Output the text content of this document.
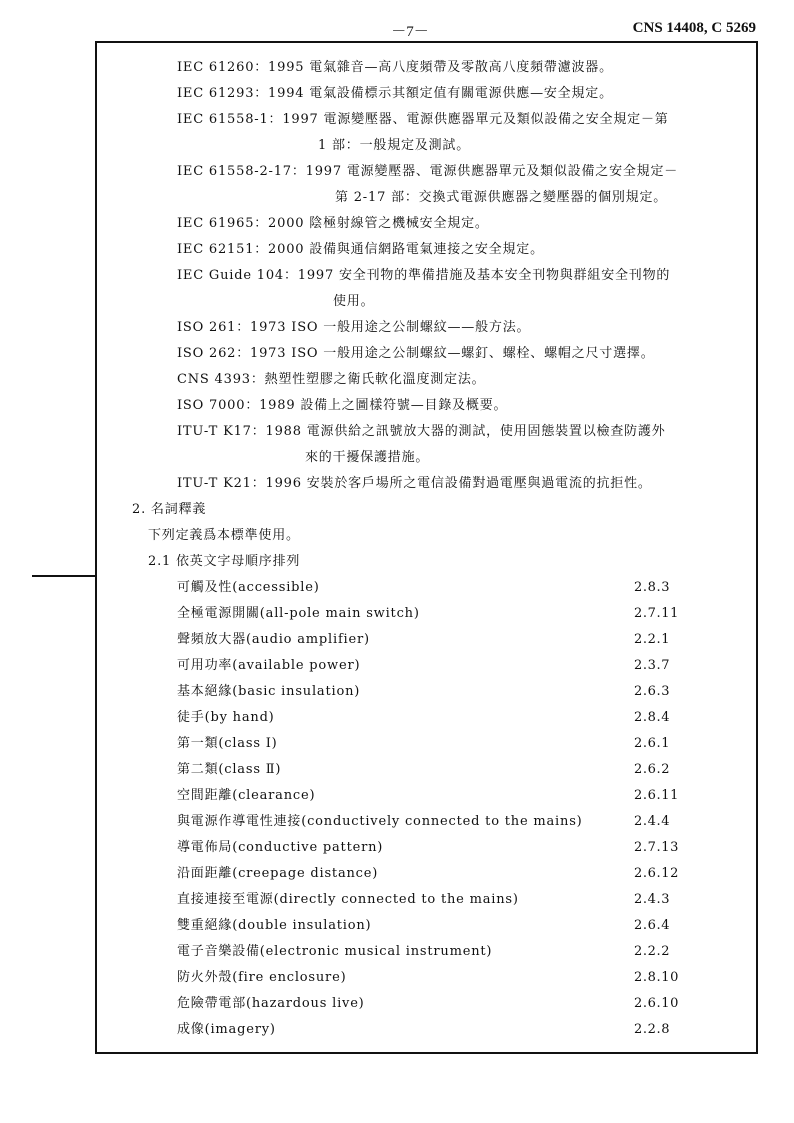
－7－	CNS 14408, C 5269
IEC 61260：1995 電氣雜音—高八度頻帶及零散高八度頻帶濾波器。
IEC 61293：1994 電氣設備標示其額定值有關電源供應—安全規定。
IEC 61558-1：1997 電源變壓器、電源供應器單元及類似設備之安全規定－第
1 部：一般規定及測試。
IEC 61558-2-17：1997 電源變壓器、電源供應器單元及類似設備之安全規定－
第 2-17 部：交換式電源供應器之變壓器的個別規定。
IEC 61965：2000 陰極射線管之機械安全規定。
IEC 62151：2000 設備與通信網路電氣連接之安全規定。
IEC Guide 104：1997 安全刊物的準備措施及基本安全刊物與群組安全刊物的
使用。
ISO 261：1973 ISO 一般用途之公制螺紋——般方法。
ISO 262：1973 ISO 一般用途之公制螺紋—螺釘、螺栓、螺帽之尺寸選擇。
CNS 4393：熱塑性塑膠之衛氏軟化溫度測定法。
ISO 7000：1989 設備上之圖樣符號—目錄及概要。
ITU-T K17：1988 電源供給之訊號放大器的測試，使用固態裝置以檢查防護外
來的干擾保護措施。
ITU-T K21：1996 安裝於客戶場所之電信設備對過電壓與過電流的抗拒性。
2. 名詞釋義
下列定義爲本標準使用。
2.1 依英文字母順序排列
可觸及性(accessible)	2.8.3
全極電源開關(all-pole main switch)	2.7.11
聲頻放大器(audio amplifier)	2.2.1
可用功率(available power)	2.3.7
基本絕緣(basic insulation)	2.6.3
徒手(by hand)	2.8.4
第一類(class Ⅰ)	2.6.1
第二類(class Ⅱ)	2.6.2
空間距離(clearance)	2.6.11
與電源作導電性連接(conductively connected to the mains)	2.4.4
導電佈局(conductive pattern)	2.7.13
沿面距離(creepage distance)	2.6.12
直接連接至電源(directly connected to the mains)	2.4.3
雙重絕緣(double insulation)	2.6.4
電子音樂設備(electronic musical instrument)	2.2.2
防火外殼(fire enclosure)	2.8.10
危險帶電部(hazardous live)	2.6.10
成像(imagery)	2.2.8
